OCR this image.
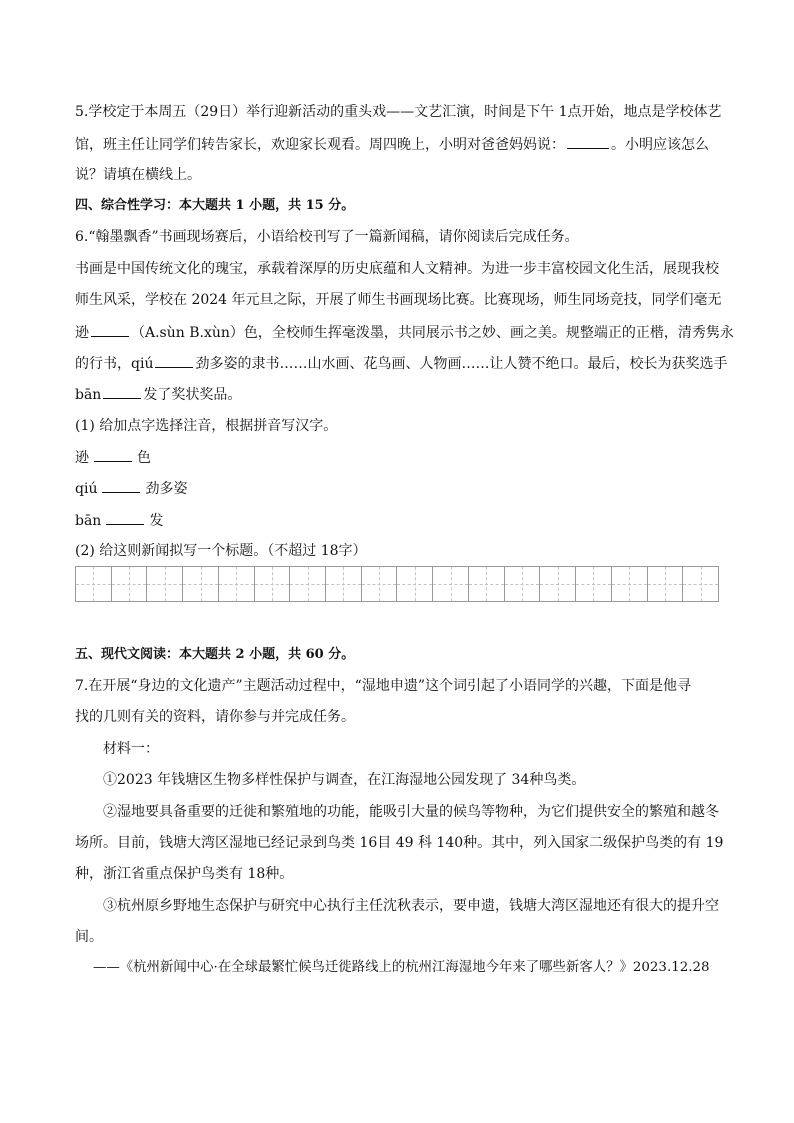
5.学校定于本周五（29日）举行迎新活动的重头戏——文艺汇演，时间是下午 1点开始，地点是学校体艺
馆，班主任让同学们转告家长，欢迎家长观看。周四晚上，小明对爸爸妈妈说：	。小明应该怎么
说？请填在横线上。
四、综合性学习：本大题共 1 小题，共 15 分。
6.“翰墨飘香”书画现场赛后，小语给校刊写了一篇新闻稿，请你阅读后完成任务。
书画是中国传统文化的瑰宝，承载着深厚的历史底蕴和人文精神。为进一步丰富校园文化生活，展现我校
师生风采，学校在 2024 年元旦之际，开展了师生书画现场比赛。比赛现场，师生同场竞技，同学们毫无
逊	（A.sùn B.xùn）色，全校师生挥毫泼墨，共同展示书之妙、画之美。规整端正的正楷，清秀隽永
的行书，qiú	劲多姿的隶书……山水画、花鸟画、人物画……让人赞不绝口。最后，校长为获奖选手
bān	发了奖状奖品。
(1) 给加点字选择注音，根据拼音写汉字。
逊	色
qiú	劲多姿
bān	发
(2) 给这则新闻拟写一个标题。（不超过 18字）
五、现代文阅读：本大题共 2 小题，共 60 分。
7.在开展“身边的文化遗产”主题活动过程中，“湿地申遗”这个词引起了小语同学的兴趣，下面是他寻
找的几则有关的资料，请你参与并完成任务。
材料一：
①2023 年钱塘区生物多样性保护与调查，在江海湿地公园发现了 34种鸟类。
②湿地要具备重要的迁徙和繁殖地的功能，能吸引大量的候鸟等物种，为它们提供安全的繁殖和越冬
场所。目前，钱塘大湾区湿地已经记录到鸟类 16目 49 科 140种。其中，列入国家二级保护鸟类的有 19
种，浙江省重点保护鸟类有 18种。
③杭州原乡野地生态保护与研究中心执行主任沈秋表示，要申遗，钱塘大湾区湿地还有很大的提升空
间。
——《杭州新闻中心·在全球最繁忙候鸟迁徙路线上的杭州江海湿地今年来了哪些新客人？》2023.12.28
